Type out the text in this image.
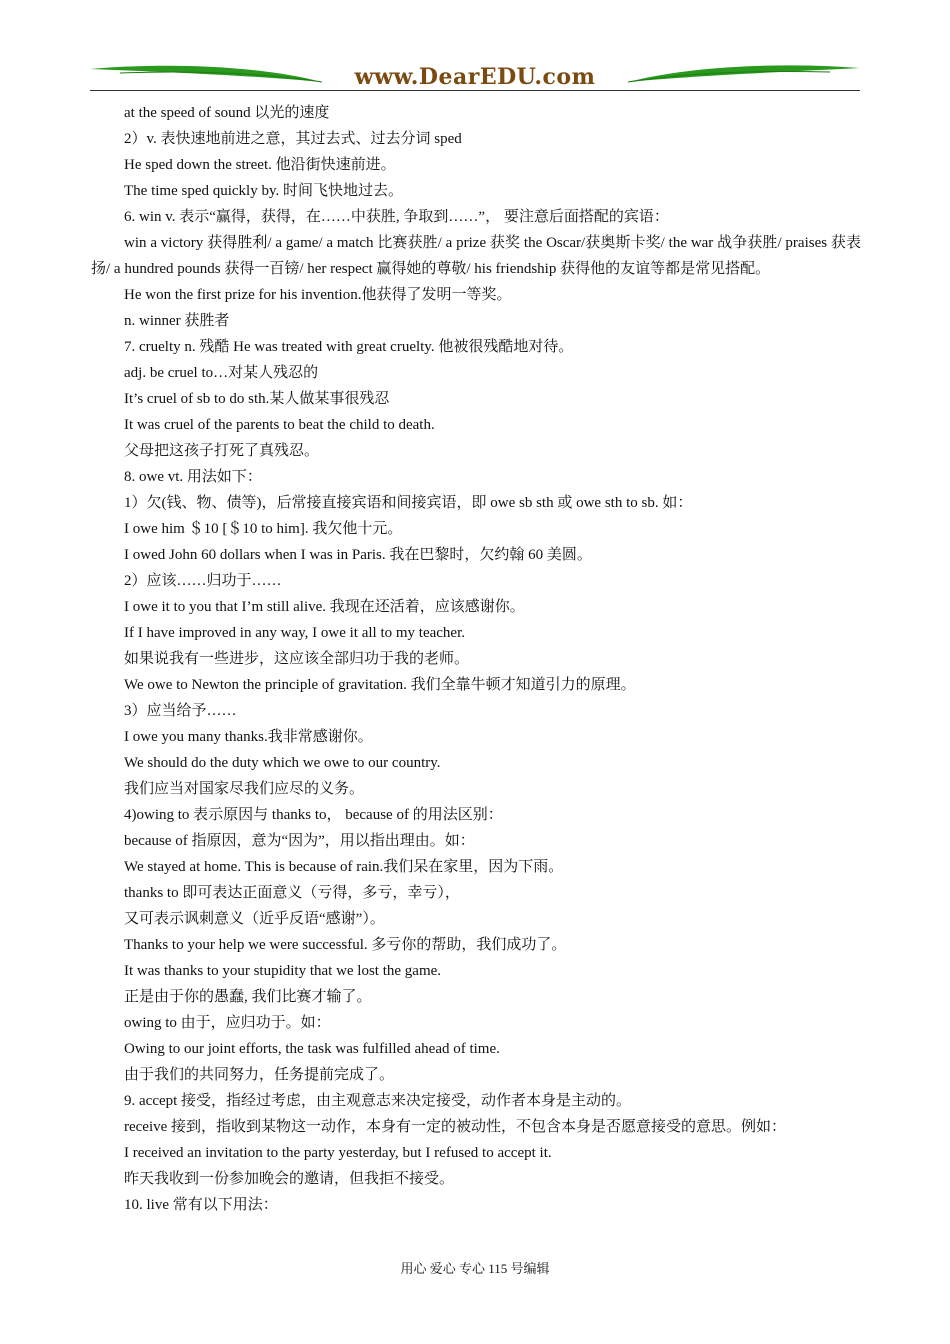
www.DearEDU.com
at the speed of sound 以光的速度
2）v. 表快速地前进之意，其过去式、过去分词 sped
He sped down the street. 他沿街快速前进。
The time sped quickly by. 时间飞快地过去。
6. win v. 表示“赢得，获得，在……中获胜, 争取到……”， 要注意后面搭配的宾语：
win a victory 获得胜利/ a game/ a match 比赛获胜/ a prize 获奖 the Oscar/获奥斯卡奖/ the war 战争获胜/ praises 获表扬/ a hundred pounds 获得一百镑/ her respect 赢得她的尊敬/ his friendship 获得他的友谊等都是常见搭配。
He won the first prize for his invention.他获得了发明一等奖。
n. winner 获胜者
7. cruelty n. 残酷 He was treated with great cruelty. 他被很残酷地对待。
adj. be cruel to…对某人残忍的
It’s cruel of sb to do sth.某人做某事很残忍
It was cruel of the parents to beat the child to death.
父母把这孩子打死了真残忍。
8. owe vt. 用法如下：
1）欠(钱、物、债等)，后常接直接宾语和间接宾语，即 owe sb sth 或 owe sth to sb. 如：
I owe him ＄10 [＄10 to him]. 我欠他十元。
I owed John 60 dollars when I was in Paris. 我在巴黎时，欠约翰 60 美圆。
2）应该……归功于……
I owe it to you that I’m still alive. 我现在还活着，应该感谢你。
If I have improved in any way, I owe it all to my teacher.
如果说我有一些进步，这应该全部归功于我的老师。
We owe to Newton the principle of gravitation. 我们全靠牛顿才知道引力的原理。
3）应当给予……
I owe you many thanks.我非常感谢你。
We should do the duty which we owe to our country.
我们应当对国家尽我们应尽的义务。
4)owing to 表示原因与 thanks to， because of 的用法区别：
because of 指原因，意为“因为”，用以指出理由。如：
We stayed at home. This is because of rain.我们呆在家里，因为下雨。
thanks to 即可表达正面意义（亏得，多亏，幸亏），
又可表示讽刺意义（近乎反语“感谢”）。
Thanks to your help we were successful. 多亏你的帮助，我们成功了。
It was thanks to your stupidity that we lost the game.
正是由于你的愚蠢, 我们比赛才输了。
owing to 由于，应归功于。如：
Owing to our joint efforts, the task was fulfilled ahead of time.
由于我们的共同努力，任务提前完成了。
9. accept 接受，指经过考虑，由主观意志来决定接受，动作者本身是主动的。
receive 接到，指收到某物这一动作，本身有一定的被动性，不包含本身是否愿意接受的意思。例如：
I received an invitation to the party yesterday, but I refused to accept it.
昨天我收到一份参加晚会的邀请，但我拒不接受。
10. live 常有以下用法：
用心 爱心 专心 115 号编辑
